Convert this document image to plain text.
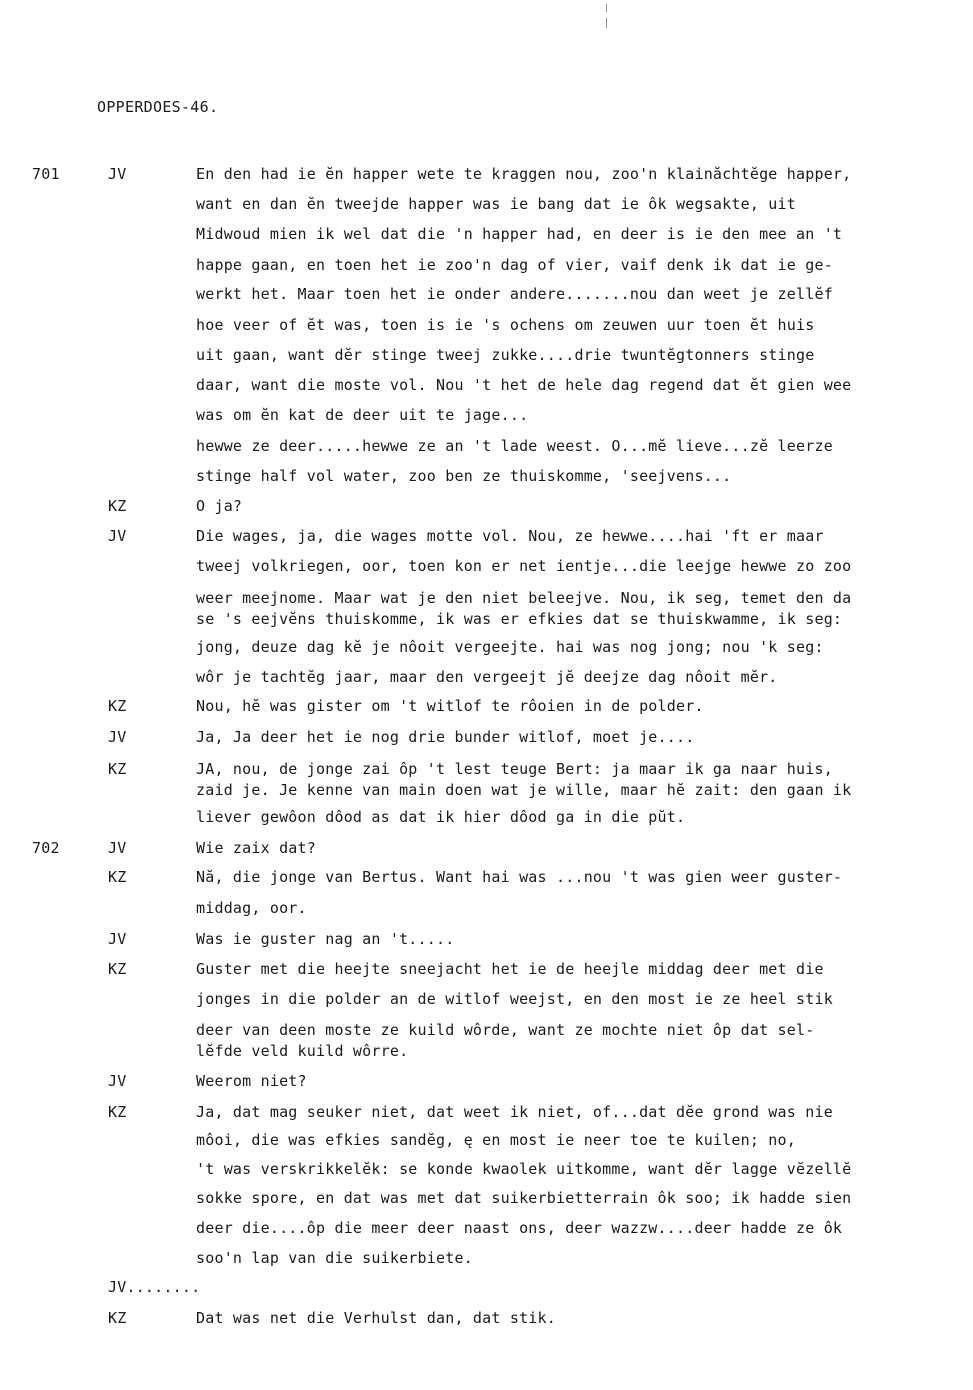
OPPERDOES-46.
701	JV	En den had ie ĕn happer wete te kraggen nou, zoo'n klainăchtĕge happer,
want en dan ĕn tweejde happer was ie bang dat ie ôk wegsakte, uit
Midwoud mien ik wel dat die 'n happer had, en deer is ie den mee an 't
happe gaan, en toen het ie zoo'n dag of vier, vaif denk ik dat ie ge-
werkt het. Maar toen het ie onder andere.......nou dan weet je zellĕf
hoe veer of ĕt was, toen is ie 's ochens om zeuwen uur toen ĕt huis
uit gaan, want dĕr stinge tweej zukke....drie twuntĕgtonners stinge
daar, want die moste vol. Nou 't het de hele dag regend dat ĕt gien wee
was om ĕn kat de deer uit te jage...
hewwe ze deer.....hewwe ze an 't lade weest. O...mĕ lieve...zĕ leerze
stinge half vol water, zoo ben ze thuiskomme, 'seejvens...
KZ	O ja?
JV	Die wages, ja, die wages motte vol. Nou, ze hewwe....hai 'ft er maar
tweej volkriegen, oor, toen kon er net ientje...die leejge hewwe zo zoo
weer meejnome. Maar wat je den niet beleejve. Nou, ik seg, temet den da
se 's eejvĕns thuiskomme, ik was er efkies dat se thuiskwamme, ik seg:
jong, deuze dag kĕ je nôoit vergeejte. hai was nog jong; nou 'k seg:
wôr je tachtĕg jaar, maar den vergeejt jĕ deejze dag nôoit mĕr.
KZ	Nou, hĕ was gister om 't witlof te rôoien in de polder.
JV	Ja, Ja deer het ie nog drie bunder witlof, moet je....
KZ	JA, nou, de jonge zai ôp 't lest teuge Bert: ja maar ik ga naar huis,
zaid je. Je kenne van main doen wat je wille, maar hĕ zait: den gaan ik
liever gewôon dôod as dat ik hier dôod ga in die pŭt.
702	JV	Wie zaix dat?
KZ	Nă, die jonge van Bertus. Want hai was ...nou 't was gien weer guster-
middag, oor.
JV	Was ie guster nag an 't.....
KZ	Guster met die heejte sneejacht het ie de heejle middag deer met die
jonges in die polder an de witlof weejst, en den most ie ze heel stik
deer van deen moste ze kuild wôrde, want ze mochte niet ôp dat sel-
lĕfde veld kuild wôrre.
JV	Weerom niet?
KZ	Ja, dat mag seuker niet, dat weet ik niet, of...dat dĕe grond was nie
môoi, die was efkies sandĕg, ę en most ie neer toe te kuilen; no,
't was verskrikkelĕk: se konde kwaolek uitkomme, want dĕr lagge vĕzellĕ
sokke spore, en dat was met dat suikerbietterrain ôk soo; ik hadde sien
deer die....ôp die meer deer naast ons, deer wazzw....deer hadde ze ôk
soo'n lap van die suikerbiete.
JV........
KZ	Dat was net die Verhulst dan, dat stik.
